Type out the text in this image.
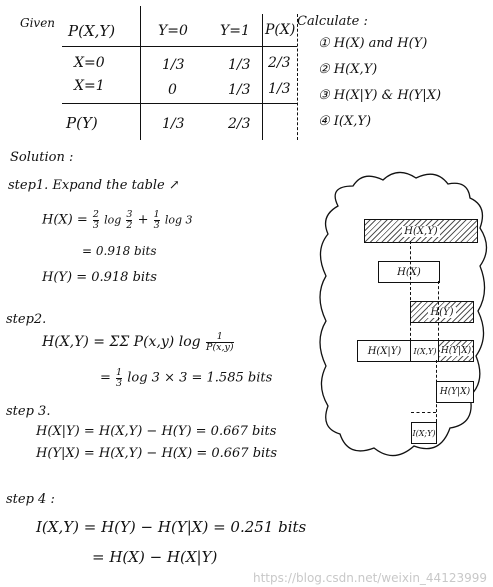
Given P(X,Y)	Y=0 Y=1 P(X)
X=0	1/3	1/3 2/3
X=1	0	1/3 1/3
P(Y)	1/3	2/3
Calculate :
① H(X) and H(Y)
② H(X,Y)
③ H(X|Y) & H(Y|X)
④ I(X,Y)
Solution :
step1. Expand the table ↗
$H(X) = \frac{2}{3}$ $\log \frac{3}{2} + \frac{1}{3}$ log 3
= 0.918 bits
H(Y) = 0.918 bits
step2.
H(X,Y) = ΣΣ P(x,y) $\log \frac{1}{P(x,y)}$
= $\frac{1}{3}$ log 3 × 3 = 1.585 bits
step 3.
H(X|Y) = H(X,Y) − H(Y) = 0.667 bits
H(Y|X) = H(X,Y) − H(X) = 0.667 bits
step 4 :
I(X,Y) = H(Y) − H(Y|X) = 0.251 bits
= H(X) − H(X|Y)
H(X,Y)
H(X)
H(Y)
H(X|Y) I(X,Y) H(Y|X)
H(Y|X)
I(X;Y)
https://blog.csdn.net/weixin_44123999
